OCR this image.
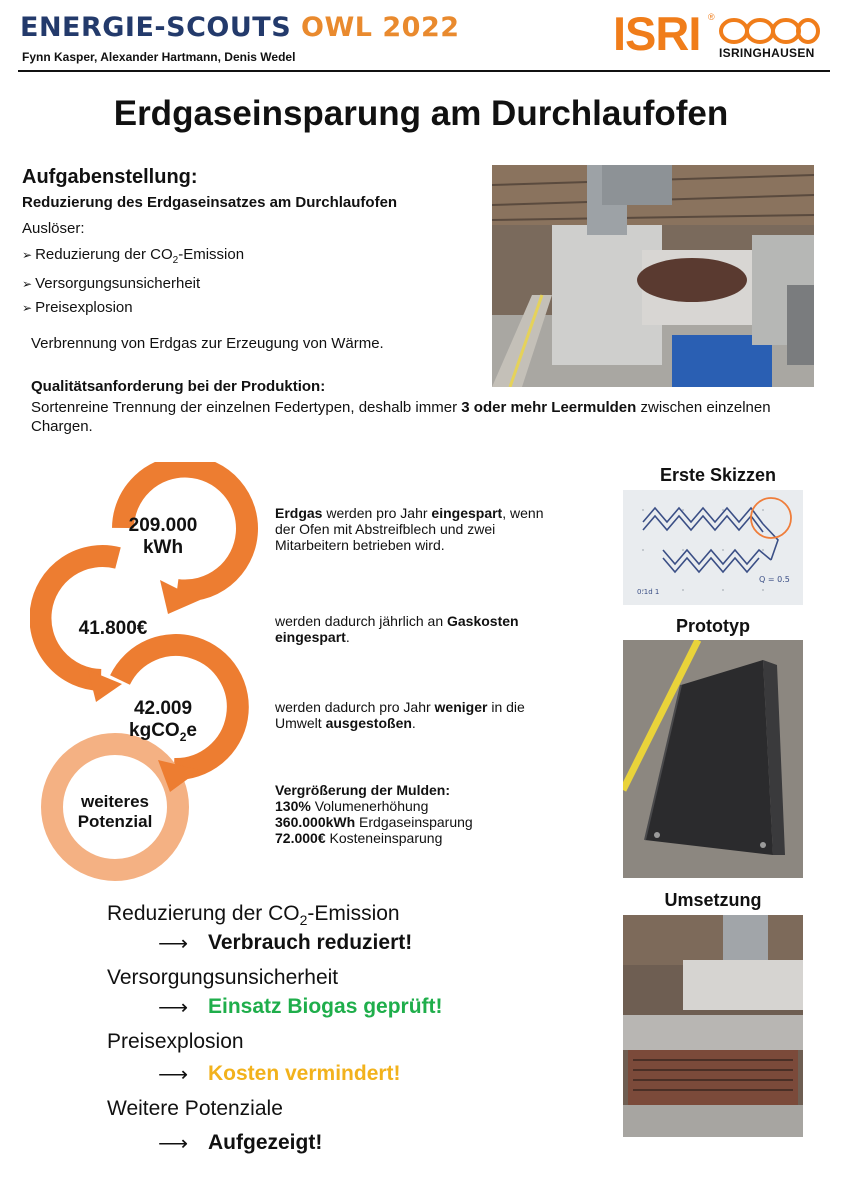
ENERGIE-SCOUTS OWL 2022
Fynn Kasper, Alexander Hartmann, Denis Wedel	ISRI ®
ISRINGHAUSEN
Erdgaseinsparung am Durchlaufofen
Aufgabenstellung:
Reduzierung des Erdgaseinsatzes am Durchlaufofen
Auslöser:
➢ Reduzierung der $CO_2$-Emission
➢ Versorgungsunsicherheit
➢ Preisexplosion
Verbrennung von Erdgas zur Erzeugung von Wärme.
Qualitätsanforderung bei der Produktion:
Sortenreine Trennung der einzelnen Federtypen, deshalb immer 3 oder mehr Leermulden zwischen einzelnen Chargen.
209.000
kWh
41.800€
42.009
kgCO$_2$e
weiteres
Potenzial
Erdgas werden pro Jahr eingespart, wenn der Ofen mit Abstreifblech und zwei Mitarbeitern betrieben wird.
werden dadurch jährlich an Gaskosten eingespart.
werden dadurch pro Jahr weniger in die Umwelt ausgestoßen.
Vergrößerung der Mulden:
130% Volumenerhöhung
360.000kWh Erdgaseinsparung
72.000€ Kosteneinsparung
Erste Skizzen
0:1d 1
Q = 0.5
Prototyp
Umsetzung
Reduzierung der $CO_2$-Emission
⟶ Verbrauch reduziert!
Versorgungsunsicherheit
⟶ Einsatz Biogas geprüft!
Preisexplosion
⟶ Kosten vermindert!
Weitere Potenziale
⟶ Aufgezeigt!
